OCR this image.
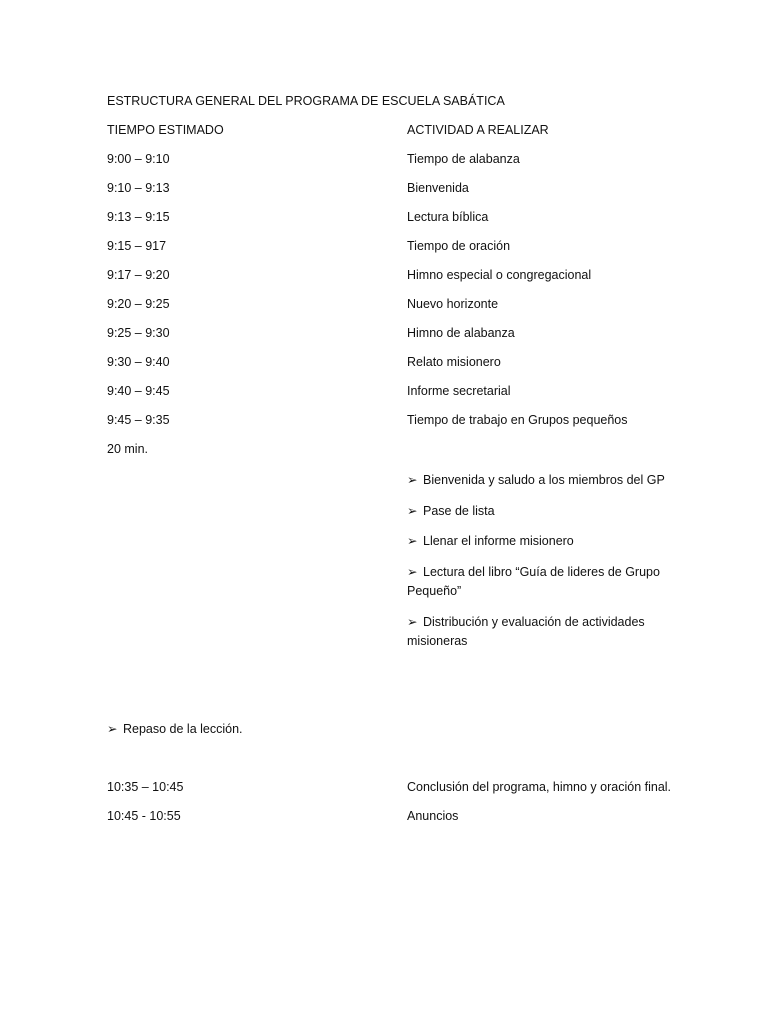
ESTRUCTURA GENERAL DEL PROGRAMA DE ESCUELA SABÁTICA
TIEMPO ESTIMADO	ACTIVIDAD A REALIZAR
9:00 – 9:10	Tiempo de alabanza
9:10 – 9:13	Bienvenida
9:13 – 9:15	Lectura bíblica
9:15 – 917	Tiempo de oración
9:17 – 9:20	Himno especial o congregacional
9:20 – 9:25	Nuevo horizonte
9:25 – 9:30	Himno de alabanza
9:30 – 9:40	Relato misionero
9:40 – 9:45	Informe secretarial
9:45 – 9:35	Tiempo de trabajo en Grupos pequeños
20 min.
➢ Bienvenida y saludo a los miembros del GP
➢ Pase de lista
➢ Llenar el informe misionero
➢ Lectura del libro “Guía de lideres de Grupo Pequeño”
➢ Distribución y evaluación de actividades misioneras
➢ Repaso de la lección.
10:35 – 10:45	Conclusión del programa, himno y oración final.
10:45 - 10:55	Anuncios
